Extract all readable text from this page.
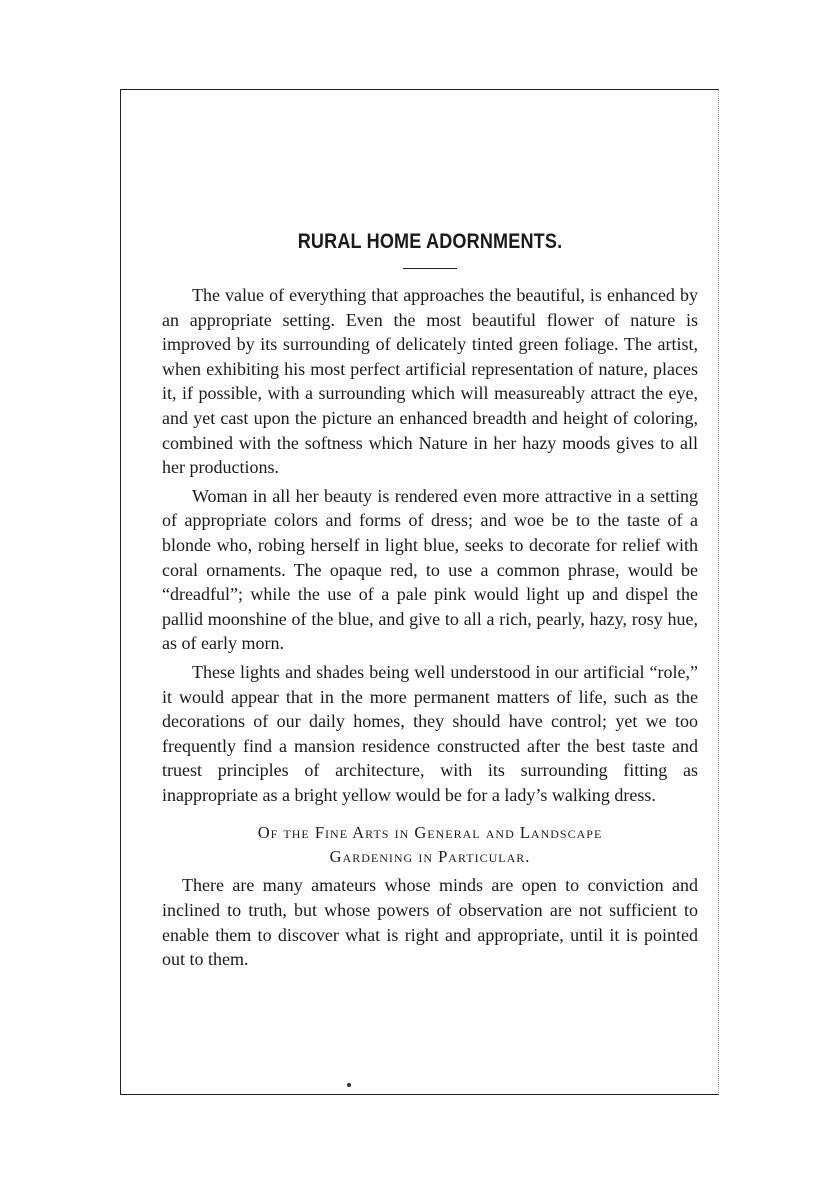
RURAL HOME ADORNMENTS.

The value of everything that approaches the beautiful, is enhanced by an appropriate setting. Even the most beautiful flower of nature is improved by its surrounding of delicately tinted green foliage. The artist, when exhibiting his most perfect artificial representation of nature, places it, if possible, with a surrounding which will measureably attract the eye, and yet cast upon the picture an enhanced breadth and height of coloring, combined with the softness which Nature in her hazy moods gives to all her productions.

Woman in all her beauty is rendered even more attractive in a setting of appropriate colors and forms of dress; and woe be to the taste of a blonde who, robing herself in light blue, seeks to decorate for relief with coral ornaments. The opaque red, to use a common phrase, would be “dreadful”; while the use of a pale pink would light up and dispel the pallid moonshine of the blue, and give to all a rich, pearly, hazy, rosy hue, as of early morn.

These lights and shades being well understood in our artificial “role,” it would appear that in the more permanent matters of life, such as the decorations of our daily homes, they should have control; yet we too frequently find a mansion residence constructed after the best taste and truest principles of architecture, with its surrounding fitting as inappropriate as a bright yellow would be for a lady’s walking dress.

Of the Fine Arts in General and Landscape
Gardening in Particular.

There are many amateurs whose minds are open to conviction and inclined to truth, but whose powers of observation are not sufficient to enable them to discover what is right and appropriate, until it is pointed out to them.
